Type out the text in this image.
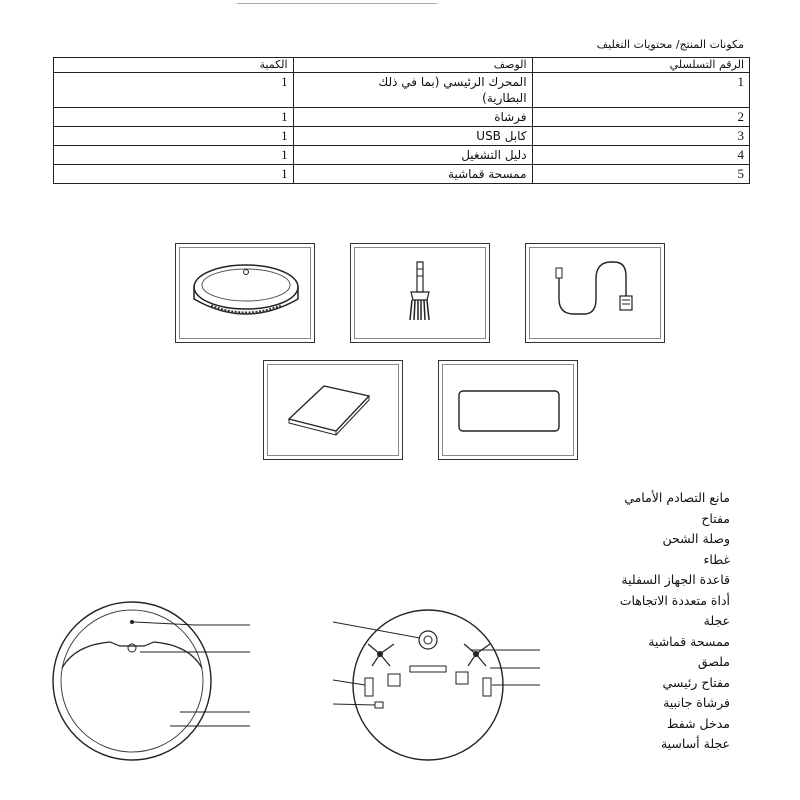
مكونات المنتج/ محتويات التغليف
الرقم التسلسلي	الوصف	الكمية
1	المحرك الرئيسي (بما في ذلك
البطارية)	1
2	فرشاة	1
3	كابل USB	1
4	دليل التشغيل	1
5	ممسحة قماشية	1
مانع التصادم الأمامي
مفتاح
وصلة الشحن
غطاء
قاعدة الجهاز السفلية
أداة متعددة الاتجاهات
عجلة
ممسحة قماشية
ملصق
مفتاح رئيسي
فرشاة جانبية
مدخل شفط
عجلة أساسية
